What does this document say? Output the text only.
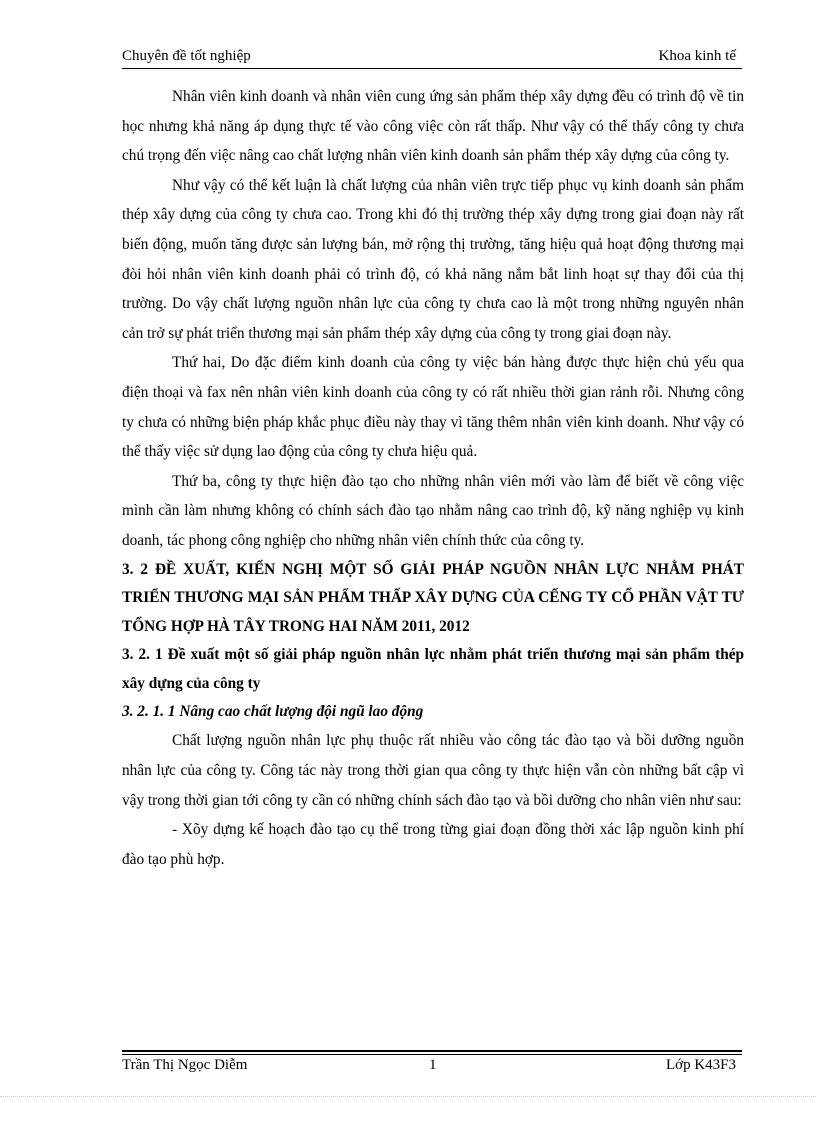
Chuyên đề tốt nghiệp	Khoa kinh tế

Nhân viên kinh doanh và nhân viên cung ứng sản phẩm thép xây dựng đều có trình độ về tin học nhưng khả năng áp dụng thực tế vào công việc còn rất thấp. Như vậy có thể thấy công ty chưa chú trọng đến việc nâng cao chất lượng nhân viên kinh doanh sản phẩm thép xây dựng của công ty.

Như vậy có thể kết luận là chất lượng của nhân viên trực tiếp phục vụ kinh doanh sản phẩm thép xây dựng của công ty chưa cao. Trong khi đó thị trường thép xây dựng trong giai đoạn này rất biến động, muốn tăng được sản lượng bán, mở rộng thị trường, tăng hiệu quả hoạt động thương mại đòi hỏi nhân viên kinh doanh phải có trình độ, có khả năng nắm bắt linh hoạt sự thay đổi của thị trường. Do vậy chất lượng nguồn nhân lực của công ty chưa cao là một trong những nguyên nhân cản trở sự phát triển thương mại sản phẩm thép xây dựng của công ty trong giai đoạn này.

Thứ hai, Do đặc điểm kinh doanh của công ty việc bán hàng được thực hiện chủ yếu qua điện thoại và fax nên nhân viên kinh doanh của công ty có rất nhiều thời gian rảnh rỗi. Nhưng công ty chưa có những biện pháp khắc phục điều này thay vì tăng thêm nhân viên kinh doanh. Như vậy có thể thấy việc sử dụng lao động của công ty chưa hiệu quả.

Thứ ba, công ty thực hiện đào tạo cho những nhân viên mới vào làm để biết về công việc mình cần làm nhưng không có chính sách đào tạo nhằm nâng cao trình độ, kỹ năng nghiệp vụ kinh doanh, tác phong công nghiệp cho những nhân viên chính thức của công ty.

3. 2 ĐỀ XUẤT, KIẾN NGHỊ MỘT SỐ GIẢI PHÁP NGUỒN NHÂN LỰC NHẰM PHÁT TRIỂN THƯƠNG MẠI SẢN PHẨM THẤP XÂY DỰNG CỦA CẾNG TY CỔ PHẦN VẬT TƯ TỔNG HỢP HÀ TÂY TRONG HAI NĂM 2011, 2012

3. 2. 1 Đề xuất một số giải pháp nguồn nhân lực nhằm phát triển thương mại sản phẩm thép xây dựng của công ty

3. 2. 1. 1 Nâng cao chất lượng đội ngũ lao động

Chất lượng nguồn nhân lực phụ thuộc rất nhiều vào công tác đào tạo và bồi dưỡng nguồn nhân lực của công ty. Công tác này trong thời gian qua công ty thực hiện vẫn còn những bất cập vì vậy trong thời gian tới công ty cần có những chính sách đào tạo và bồi dưỡng cho nhân viên như sau:

- Xõy dựng kế hoạch đào tạo cụ thể trong từng giai đoạn đồng thời xác lập nguồn kinh phí đào tạo phù hợp.

Trần Thị Ngọc Diễm	1	Lớp K43F3
